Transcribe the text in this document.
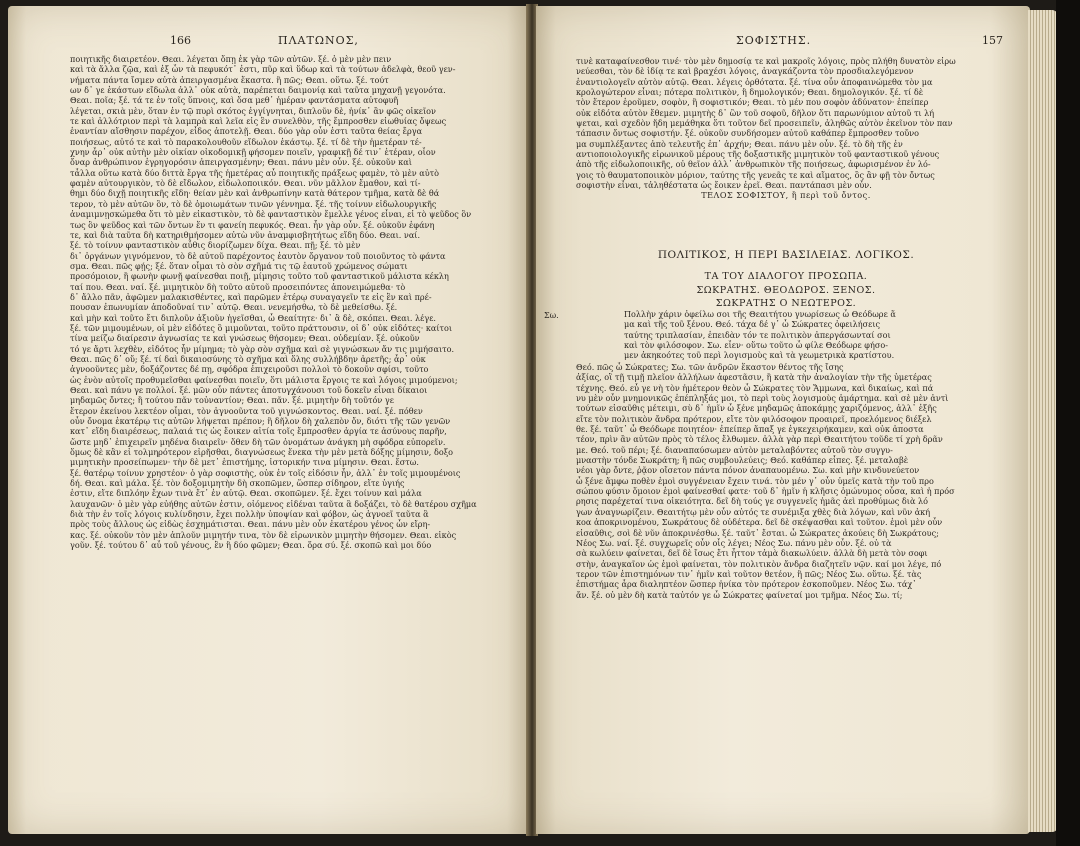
166	ΠΛΑΤΩΝΟΣ,
ποιητικῆς διαιρετέον. Θεαι. λέγεται ὅπῃ ἐκ γὰρ τῶν αὐτῶν. ξέ. ὁ μὲν μὲν πειν
καὶ τὰ ἄλλα ζῷα, καὶ ἐξ ὧν τὰ πεφυκότ᾽ ἐστι, πῦρ καὶ ὕδωρ καὶ τὰ τούτων ἀδελφὰ, θεοῦ γεν-
νήματα πάντα ἴσμεν αὐτὰ ἀπειργασμένα ἕκαστα. ἢ πῶς; Θεαι. οὕτω. ξέ. τούτ
ων δ᾽ γε ἑκάστων εἴδωλα ἀλλ᾽ οὐκ αὐτὰ, παρέπεται δαιμονίᾳ καὶ ταῦτα μηχανῇ γεγονότα.
Θεαι. ποῖα; ξέ. τά τε ἐν τοῖς ὕπνοις, καὶ ὅσα μεθ᾽ ἡμέραν φαντάσματα αὐτοφυῆ
λέγεται, σκιὰ μὲν, ὅταν ἐν τῷ πυρὶ σκότος ἐγγίγνηται, διπλοῦν δὲ, ἡνίκ᾽ ἂν φῶς οἰκεῖον
τε καὶ ἀλλότριον περὶ τὰ λαμπρὰ καὶ λεῖα εἰς ἓν συνελθὸν, τῆς ἔμπροσθεν εἰωθυίας ὄψεως
ἐναντίαν αἴσθησιν παρέχον, εἶδος ἀποτελῇ. Θεαι. δύο γὰρ οὖν ἐστι ταῦτα θείας ἔργα
ποιήσεως, αὐτό τε καὶ τὸ παρακολουθοῦν εἴδωλον ἑκάστῳ. ξέ. τί δὲ τὴν ἡμετέραν τέ-
χνην ἆρ᾽ οὐκ αὐτὴν μὲν οἰκίαν οἰκοδομικῇ φήσομεν ποιεῖν, γραφικῇ δέ τιν᾽ ἑτέραν, οἷον
ὄναρ ἀνθρώπινον ἐγρηγορόσιν ἀπειργασμένην; Θεαι. πάνυ μὲν οὖν. ξέ. οὐκοῦν καὶ
τἆλλα οὕτω κατὰ δύο διττὰ ἔργα τῆς ἡμετέρας αὖ ποιητικῆς πράξεως φαμὲν, τὸ μὲν αὐτὸ
φαμὲν αὐτουργικὸν, τὸ δὲ εἴδωλον, εἰδωλοποιικόν. Θεαι. νῦν μᾶλλον ἔμαθον, καὶ τί-
θημι δύο διχῇ ποιητικῆς εἴδη· θείαν μὲν καὶ ἀνθρωπίνην κατὰ θάτερον τμῆμα, κατὰ δὲ θά
τερον, τὸ μὲν αὐτῶν ὂν, τὸ δὲ ὁμοιωμάτων τινῶν γέννημα. ξέ. τῆς τοίνυν εἰδωλουργικῆς
ἀναμιμνῃσκώμεθα ὅτι τὸ μὲν εἰκαστικὸν, τὸ δὲ φανταστικὸν ἔμελλε γένος εἶναι, εἰ τὸ ψεῦδος ὂν
τως ὂν ψεῦδος καὶ τῶν ὄντων ἕν τι φανείη πεφυκός. Θεαι. ἦν γὰρ οὖν. ξέ. οὐκοῦν ἐφάνη
τε, καὶ διὰ ταῦτα δὴ κατηριθμήσομεν αὐτὼ νῦν ἀναμφισβητήτως εἴδη δύο. Θεαι. ναί.
ξέ. τὸ τοίνυν φανταστικὸν αὖθις διορίζωμεν δίχα. Θεαι. πῇ; ξέ. τὸ μὲν
δι᾽ ὀργάνων γιγνόμενον, τὸ δὲ αὐτοῦ παρέχοντος ἑαυτὸν ὄργανον τοῦ ποιοῦντος τὸ φάντα
σμα. Θεαι. πῶς φῄς; ξέ. ὅταν οἶμαι τὸ σὸν σχῆμά τις τῷ ἑαυτοῦ χρώμενος σώματι
προσόμοιον, ἢ φωνὴν φωνῇ φαίνεσθαι ποιῇ, μίμησις τοῦτο τοῦ φανταστικοῦ μάλιστα κέκλη
ταί που. Θεαι. ναί. ξέ. μιμητικὸν δὴ τοῦτο αὐτοῦ προσειπόντες ἀπονειμώμεθα· τὸ
δ᾽ ἄλλο πᾶν, ἀφῶμεν μαλακισθέντες, καὶ παρῶμεν ἑτέρῳ συναγαγεῖν τε εἰς ἓν καὶ πρέ-
πουσαν ἐπωνυμίαν ἀποδοῦναί τιν᾽ αὐτῷ. Θεαι. νενεμήσθω, τὸ δὲ μεθείσθω. ξέ.
καὶ μὴν καὶ τοῦτο ἔτι διπλοῦν ἀξιοῦν ἡγεῖσθαι, ὦ Θεαίτητε· δι᾽ ἃ δὲ, σκόπει. Θεαι. λέγε.
ξέ. τῶν μιμουμένων, οἱ μὲν εἰδότες ὃ μιμοῦνται, τοῦτο πράττουσιν, οἱ δ᾽ οὐκ εἰδότες· καίτοι
τίνα μείζω διαίρεσιν ἀγνωσίας τε καὶ γνώσεως θήσομεν; Θεαι. οὐδεμίαν. ξέ. οὐκοῦν
τό γε ἄρτι λεχθὲν, εἰδότος ἦν μίμημα; τὸ γὰρ σὸν σχῆμα καὶ σὲ γιγνώσκων ἄν τις μιμήσαιτο.
Θεαι. πῶς δ᾽ οὔ; ξέ. τί δαὶ δικαιοσύνης τὸ σχῆμα καὶ ὅλης συλλήβδην ἀρετῆς; ἆρ᾽ οὐκ
ἀγνοοῦντες μὲν, δοξάζοντες δέ πῃ, σφόδρα ἐπιχειροῦσι πολλοὶ τὸ δοκοῦν σφίσι, τοῦτο
ὡς ἐνὸν αὐτοῖς προθυμεῖσθαι φαίνεσθαι ποιεῖν, ὅτι μάλιστα ἔργοις τε καὶ λόγοις μιμούμενοι;
Θεαι. καὶ πάνυ γε πολλοί. ξέ. μῶν οὖν πάντες ἀποτυγχάνουσι τοῦ δοκεῖν εἶναι δίκαιοι
μηδαμῶς ὄντες; ἢ τούτου πᾶν τοὐναντίον; Θεαι. πᾶν. ξέ. μιμητὴν δὴ τοῦτόν γε
ἕτερον ἐκείνου λεκτέον οἶμαι, τὸν ἀγνοοῦντα τοῦ γιγνώσκοντος. Θεαι. ναί. ξέ. πόθεν
οὖν ὄνομα ἑκατέρῳ τις αὐτῶν λήψεται πρέπον; ἢ δῆλον δὴ χαλεπὸν ὄν, διότι τῆς τῶν γενῶν
κατ᾽ εἴδη διαιρέσεως, παλαιά τις ὡς ἔοικεν αἰτία τοῖς ἔμπροσθεν ἀργία τε ἀσύνους παρῆν,
ὥστε μηδ᾽ ἐπιχειρεῖν μηδένα διαιρεῖν· ὅθεν δὴ τῶν ὀνομάτων ἀνάγκη μὴ σφόδρα εὐπορεῖν.
ὅμως δὲ κἂν εἰ τολμηρότερον εἰρῆσθαι, διαγνώσεως ἕνεκα τὴν μὲν μετὰ δόξης μίμησιν, δοξο
μιμητικὴν προσείπωμεν· τὴν δὲ μετ᾽ ἐπιστήμης, ἱστορικήν τινα μίμησιν. Θεαι. ἔστω.
ξέ. θατέρῳ τοίνυν χρηστέον· ὁ γὰρ σοφιστὴς, οὐκ ἐν τοῖς εἰδόσιν ἦν, ἀλλ᾽ ἐν τοῖς μιμουμένοις
δή. Θεαι. καὶ μάλα. ξέ. τὸν δοξομιμητὴν δὴ σκοπῶμεν, ὥσπερ σίδηρον, εἴτε ὑγιής
ἐστιν, εἴτε διπλόην ἔχων τινὰ ἔτ᾽ ἐν αὑτῷ. Θεαι. σκοπῶμεν. ξέ. ἔχει τοίνυν καὶ μάλα
λαυχανῶν· ὁ μὲν γὰρ εὐήθης αὐτῶν ἐστιν, οἰόμενος εἰδέναι ταῦτα ἃ δοξάζει, τὸ δὲ θατέρου σχῆμα
διὰ τὴν ἐν τοῖς λόγοις κυλίνδησιν, ἔχει πολλὴν ὑποψίαν καὶ φόβον, ὡς ἀγνοεῖ ταῦτα ἃ
πρὸς τοὺς ἄλλους ὡς εἰδὼς ἐσχημάτισται. Θεαι. πάνυ μὲν οὖν ἑκατέρου γένος ὧν εἴρη-
κας. ξέ. οὐκοῦν τὸν μὲν ἁπλοῦν μιμητήν τινα, τὸν δὲ εἰρωνικὸν μιμητὴν θήσομεν. Θεαι. εἰκὸς
γοῦν. ξέ. τούτου δ᾽ αὖ τοῦ γένους, ἓν ἢ δύο φῶμεν; Θεαι. ὅρα σύ. ξέ. σκοπῶ καὶ μοι δύο
ΣΟΦΙΣΤΗΣ.	157
τινὲ καταφαίνεσθον τινέ· τὸν μὲν δημοσίᾳ τε καὶ μακροῖς λόγοις, πρὸς πλήθη δυνατὸν εἰρω
νεύεσθαι, τὸν δὲ ἰδίᾳ τε καὶ βραχέσι λόγοις, ἀναγκάζοντα τὸν προσδιαλεγόμενον
ἐναντιολογεῖν αὐτὸν αὑτῷ. Θεαι. λέγεις ὀρθότατα. ξέ. τίνα οὖν ἀποφαινώμεθα τὸν μα
κρολογώτερον εἶναι; πότερα πολιτικὸν, ἢ δημολογικόν; Θεαι. δημολογικόν. ξέ. τί δὲ
τὸν ἕτερον ἐροῦμεν, σοφὸν, ἢ σοφιστικόν; Θεαι. τὸ μέν που σοφὸν ἀδύνατον· ἐπείπερ
οὐκ εἰδότα αὐτὸν ἔθεμεν. μιμητὴς δ᾽ ὢν τοῦ σοφοῦ, δῆλον ὅτι παρωνύμιον αὐτοῦ τι λή
ψεται, καὶ σχεδὸν ἤδη μεμάθηκα ὅτι τοῦτον δεῖ προσειπεῖν, ἀληθῶς αὐτὸν ἐκεῖνον τὸν παν
τάπασιν ὄντως σοφιστήν. ξέ. οὐκοῦν συνδήσομεν αὐτοῦ καθάπερ ἔμπροσθεν τοὔνο
μα συμπλέξαντες ἀπὸ τελευτῆς ἐπ᾽ ἀρχήν; Θεαι. πάνυ μὲν οὖν. ξέ. τὸ δὴ τῆς ἐν
αντιοποιολογικῆς εἰρωνικοῦ μέρους τῆς δοξαστικῆς μιμητικὸν τοῦ φανταστικοῦ γένους
ἀπὸ τῆς εἰδωλοποιικῆς, οὐ θεῖον ἀλλ᾽ ἀνθρωπικὸν τῆς ποιήσεως, ἀφωρισμένον ἐν λό-
γοις τὸ θαυματοποιικὸν μόριον, ταύτης τῆς γενεᾶς τε καὶ αἵματος, ὃς ἂν φῇ τὸν ὄντως
σοφιστὴν εἶναι, τἀληθέστατα ὡς ἔοικεν ἐρεῖ. Θεαι. παντάπασι μὲν οὖν.
ΤΕΛΟΣ ΣΟΦΙΣΤΟΥ, ἢ περὶ τοῦ ὄντος.
ΠΟΛΙΤΙΚΟΣ, Η ΠΕΡΙ ΒΑΣΙΛΕΙΑΣ. ΛΟΓΙΚΟΣ.
ΤΑ ΤΟΥ ΔΙΑΛΟΓΟΥ ΠΡΟΣΩΠΑ.
ΣΩΚΡΑΤΗΣ. ΘΕΟΔΩΡΟΣ. ΞΕΝΟΣ.
ΣΩΚΡΑΤΗΣ Ο ΝΕΩΤΕΡΟΣ.
Σω.	Πολλὴν χάριν ὀφείλω σοι τῆς Θεαιτήτου γνωρίσεως ὦ Θεόδωρε ἅ
μα καὶ τῆς τοῦ ξένου. Θεό. τάχα δέ γ᾽ ὦ Σώκρατες ὀφειλήσεις
ταύτης τριπλασίαν, ἐπειδὰν τόν τε πολιτικὸν ἀπεργάσωνταί σοι
καὶ τὸν φιλόσοφον. Σω. εἶεν· οὕτω τοῦτο ὦ φίλε Θεόδωρε φήσο-
μεν ἀκηκοότες τοῦ περὶ λογισμοὺς καὶ τὰ γεωμετρικὰ κρατίστου.
Θεό. πῶς ὦ Σώκρατες; Σω. τῶν ἀνδρῶν ἕκαστον θέντος τῆς ἴσης
ἀξίας, οἳ τῇ τιμῇ πλεῖον ἀλλήλων ἀφεστᾶσιν, ἢ κατὰ τὴν ἀναλογίαν τὴν τῆς ὑμετέρας
τέχνης. Θεό. εὖ γε νὴ τὸν ἡμέτερον θεὸν ὦ Σώκρατες τὸν Ἄμμωνα, καὶ δικαίως, καὶ πά
νυ μὲν οὖν μνημονικῶς ἐπέπληξάς μοι, τὸ περὶ τοὺς λογισμοὺς ἁμάρτημα. καὶ σὲ μὲν ἀντὶ
τούτων εἰσαῦθις μέτειμι, σὺ δ᾽ ἡμῖν ὦ ξένε μηδαμῶς ἀποκάμῃς χαριζόμενος, ἀλλ᾽ ἑξῆς
εἴτε τὸν πολιτικὸν ἄνδρα πρότερον, εἴτε τὸν φιλόσοφον προαιρεῖ, προελόμενος διέξελ
θε. ξέ. ταῦτ᾽ ὦ Θεόδωρε ποιητέον· ἐπείπερ ἅπαξ γε ἐγκεχειρήκαμεν, καὶ οὐκ ἀποστα
τέον, πρὶν ἂν αὐτῶν πρὸς τὸ τέλος ἔλθωμεν. ἀλλὰ γὰρ περὶ Θεαιτήτου τοῦδε τί χρὴ δρᾶν
με. Θεό. τοῦ πέρι; ξέ. διαναπαύσωμεν αὐτὸν μεταλαβόντες αὐτοῦ τὸν συγγυ-
μναστὴν τόνδε Σωκράτη; ἢ πῶς συμβουλεύεις; Θεό. καθάπερ εἶπες. ξέ. μεταλαβὲ
νέοι γὰρ ὄντε, ῥᾷον οἴσετον πάντα πόνον ἀναπαυομένω. Σω. καὶ μὴν κινδυνεύετον
ὦ ξένε ἄμφω ποθὲν ἐμοὶ συγγένειαν ἔχειν τινά. τὸν μέν γ᾽ οὖν ὑμεῖς κατὰ τὴν τοῦ προ
σώπου φύσιν ὅμοιον ἐμοὶ φαίνεσθαί φατε· τοῦ δ᾽ ἡμῖν ἡ κλῆσις ὁμώνυμος οὖσα, καὶ ἡ πρόσ
ρησις παρέχεταί τινα οἰκειότητα. δεῖ δὴ τούς γε συγγενεῖς ἡμᾶς ἀεὶ προθύμως διὰ λό
γων ἀναγνωρίζειν. Θεαιτήτῳ μὲν οὖν αὐτός τε συνέμιξα χθὲς διὰ λόγων, καὶ νῦν ἀκή
κοα ἀποκρινομένου, Σωκράτους δὲ οὐδέτερα. δεῖ δὲ σκέψασθαι καὶ τοῦτον. ἐμοὶ μὲν οὖν
εἰσαῦθις, σοὶ δὲ νῦν ἀποκρινέσθω. ξέ. ταῦτ᾽ ἔσται. ὦ Σώκρατες ἀκούεις δὴ Σωκράτους;
Νέος Σω. ναί. ξέ. συγχωρεῖς οὖν οἷς λέγει; Νέος Σω. πάνυ μὲν οὖν. ξέ. οὐ τὰ
σὰ κωλύειν φαίνεται, δεῖ δὲ ἴσως ἔτι ἧττον τἀμὰ διακωλύειν. ἀλλὰ δὴ μετὰ τὸν σοφι
στὴν, ἀναγκαῖον ὡς ἐμοὶ φαίνεται, τὸν πολιτικὸν ἄνδρα διαζητεῖν νῷν. καί μοι λέγε, πό
τερον τῶν ἐπιστημόνων τιν᾽ ἡμῖν καὶ τοῦτον θετέον, ἢ πῶς; Νέος Σω. οὕτω. ξέ. τὰς
ἐπιστήμας ἆρα διαληπτέον ὥσπερ ἡνίκα τὸν πρότερον ἐσκοποῦμεν. Νέος Σω. τάχ᾽
ἄν. ξέ. οὐ μὲν δὴ κατὰ ταὐτόν γε ὦ Σώκρατες φαίνεταί μοι τμῆμα. Νέος Σω. τί;
